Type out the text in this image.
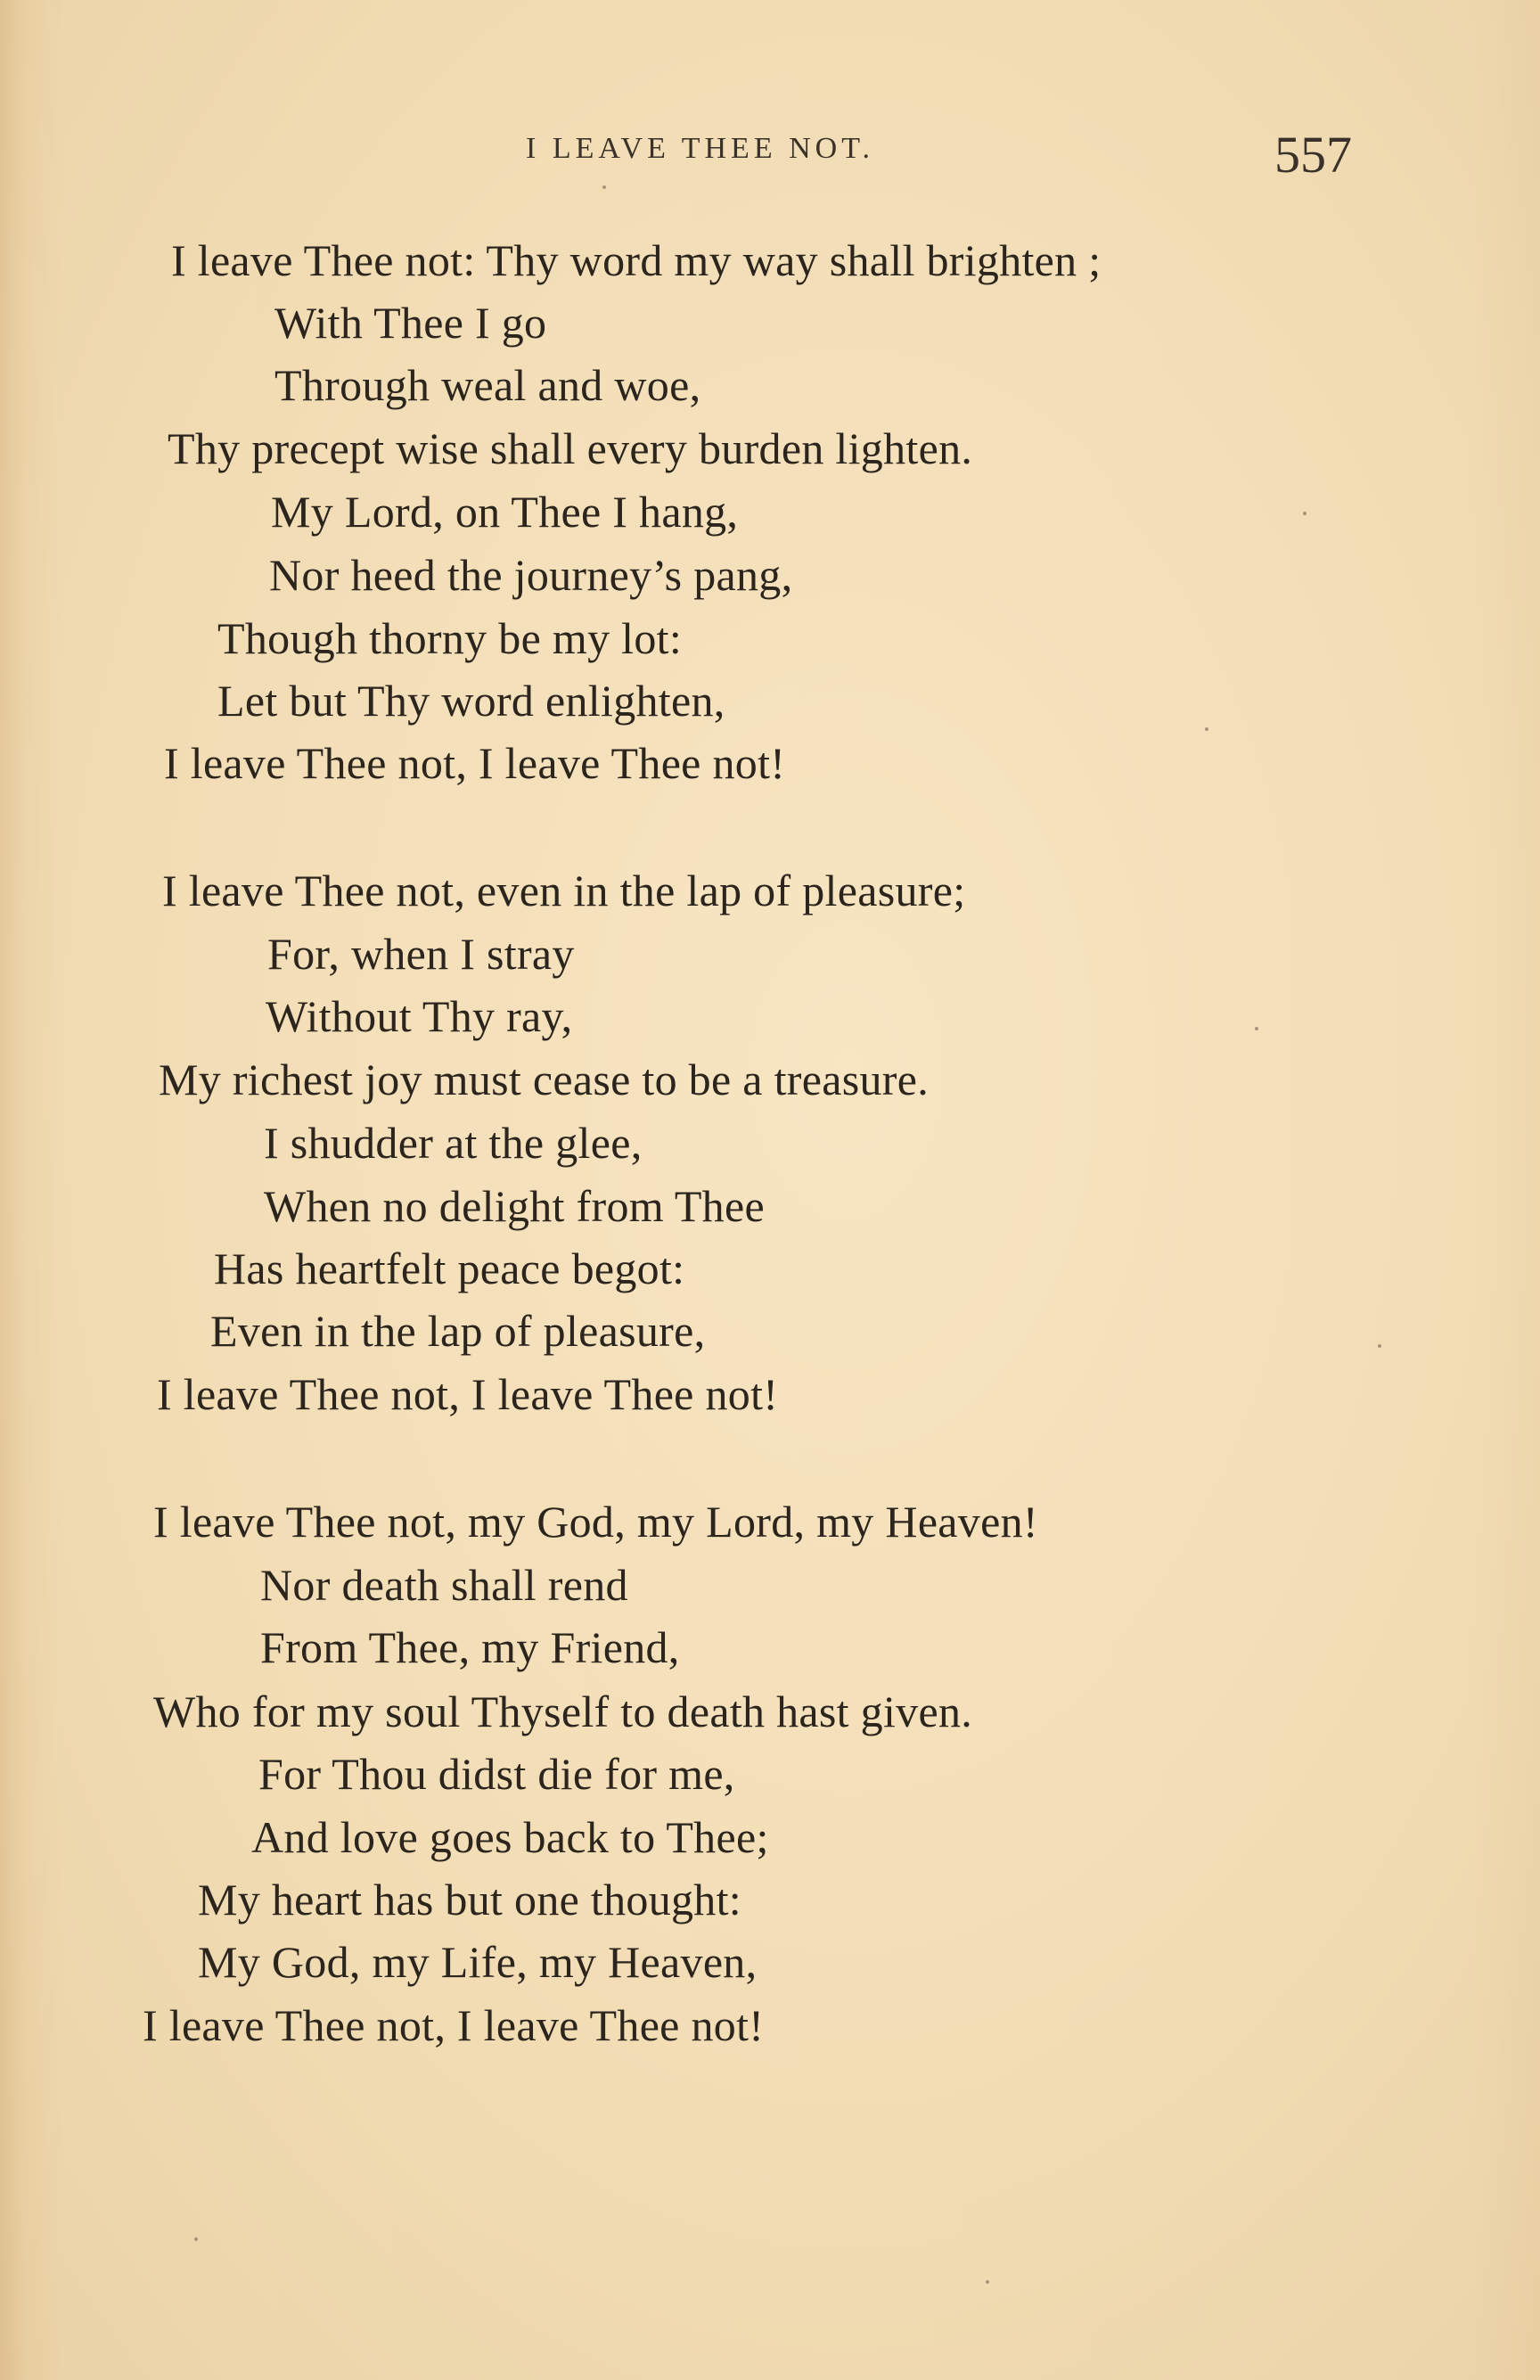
I LEAVE THEE NOT.	557
I leave Thee not: Thy word my way shall brighten ;
With Thee I go
Through weal and woe,
Thy precept wise shall every burden lighten.
My Lord, on Thee I hang,
Nor heed the journey’s pang,
Though thorny be my lot:
Let but Thy word enlighten,
I leave Thee not, I leave Thee not!
I leave Thee not, even in the lap of pleasure;
For, when I stray
Without Thy ray,
My richest joy must cease to be a treasure.
I shudder at the glee,
When no delight from Thee
Has heartfelt peace begot:
Even in the lap of pleasure,
I leave Thee not, I leave Thee not!
I leave Thee not, my God, my Lord, my Heaven!
Nor death shall rend
From Thee, my Friend,
Who for my soul Thyself to death hast given.
For Thou didst die for me,
And love goes back to Thee;
My heart has but one thought:
My God, my Life, my Heaven,
I leave Thee not, I leave Thee not!
